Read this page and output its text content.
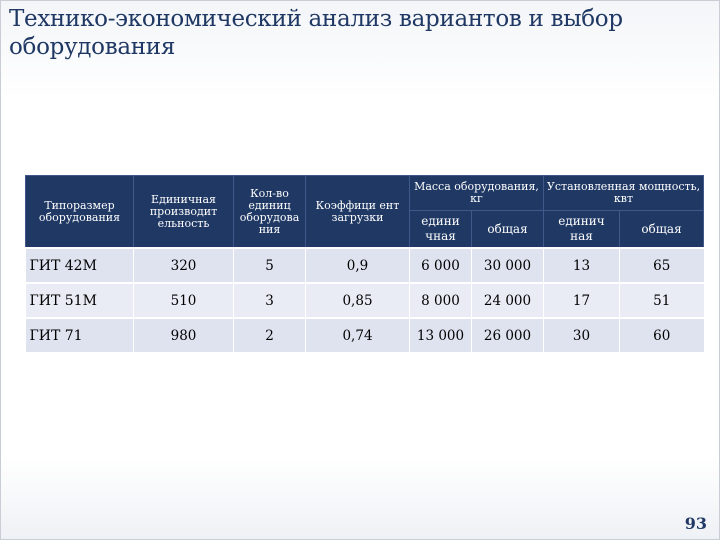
Технико-экономический анализ вариантов и выбор оборудования
Типоразмер оборудования	Единичная производит ельность	Кол-во единиц оборудова ния	Коэффици ент загрузки	Масса оборудования, кг		Установленная мощность, квт	
				едини чная	общая	единич ная	общая
ГИТ 42М	320	5	0,9	6 000	30 000	13	65
ГИТ 51М	510	3	0,85	8 000	24 000	17	51
ГИТ 71	980	2	0,74	13 000	26 000	30	60
93
